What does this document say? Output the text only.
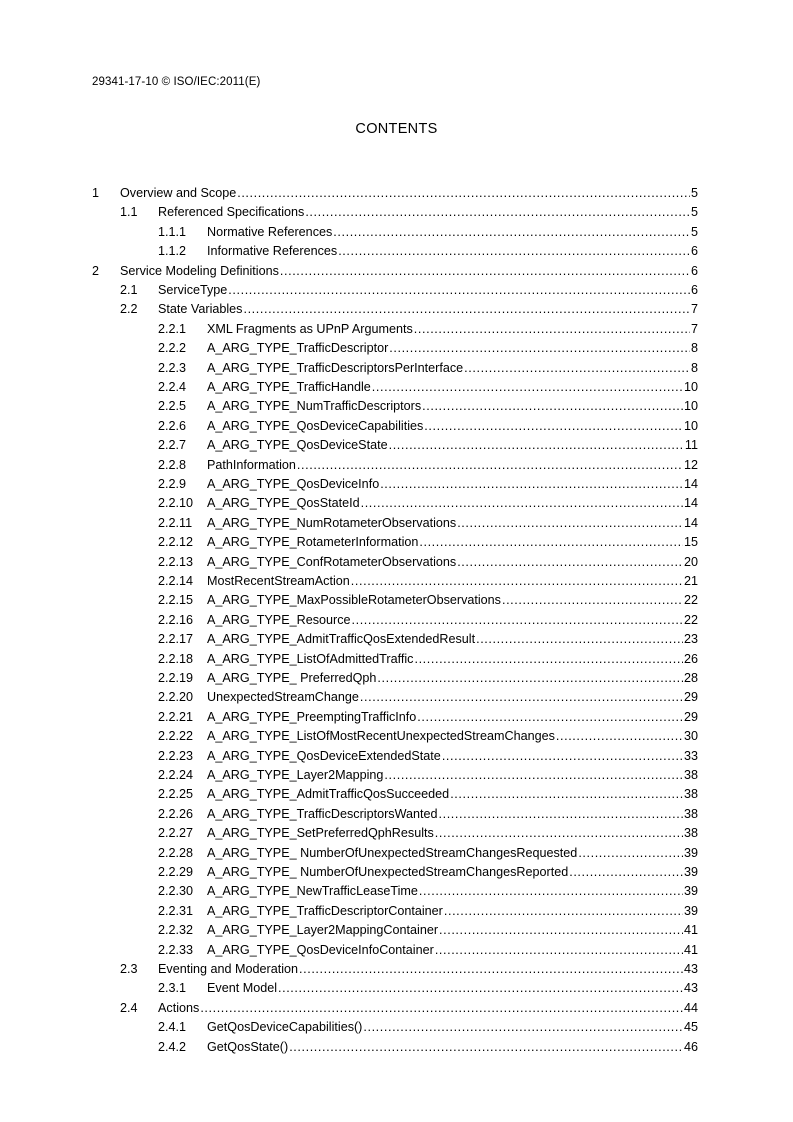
29341-17-10 © ISO/IEC:2011(E)
CONTENTS
1	Overview and Scope .....	5
1.1	Referenced Specifications .....	5
1.1.1	Normative References .....	5
1.1.2	Informative References .....	6
2	Service Modeling Definitions .....	6
2.1	ServiceType .....	6
2.2	State Variables .....	7
2.2.1	XML Fragments as UPnP Arguments .....	7
2.2.2	A_ARG_TYPE_TrafficDescriptor .....	8
2.2.3	A_ARG_TYPE_TrafficDescriptorsPerInterface .....	8
2.2.4	A_ARG_TYPE_TrafficHandle .....	10
2.2.5	A_ARG_TYPE_NumTrafficDescriptors .....	10
2.2.6	A_ARG_TYPE_QosDeviceCapabilities .....	10
2.2.7	A_ARG_TYPE_QosDeviceState .....	11
2.2.8	PathInformation .....	12
2.2.9	A_ARG_TYPE_QosDeviceInfo .....	14
2.2.10	A_ARG_TYPE_QosStateId .....	14
2.2.11	A_ARG_TYPE_NumRotameterObservations .....	14
2.2.12	A_ARG_TYPE_RotameterInformation .....	15
2.2.13	A_ARG_TYPE_ConfRotameterObservations .....	20
2.2.14	MostRecentStreamAction .....	21
2.2.15	A_ARG_TYPE_MaxPossibleRotameterObservations .....	22
2.2.16	A_ARG_TYPE_Resource .....	22
2.2.17	A_ARG_TYPE_AdmitTrafficQosExtendedResult .....	23
2.2.18	A_ARG_TYPE_ListOfAdmittedTraffic .....	26
2.2.19	A_ARG_TYPE_ PreferredQph .....	28
2.2.20	UnexpectedStreamChange .....	29
2.2.21	A_ARG_TYPE_PreemptingTrafficInfo .....	29
2.2.22	A_ARG_TYPE_ListOfMostRecentUnexpectedStreamChanges .....	30
2.2.23	A_ARG_TYPE_QosDeviceExtendedState .....	33
2.2.24	A_ARG_TYPE_Layer2Mapping .....	38
2.2.25	A_ARG_TYPE_AdmitTrafficQosSucceeded .....	38
2.2.26	A_ARG_TYPE_TrafficDescriptorsWanted .....	38
2.2.27	A_ARG_TYPE_SetPreferredQphResults .....	38
2.2.28	A_ARG_TYPE_ NumberOfUnexpectedStreamChangesRequested .....	39
2.2.29	A_ARG_TYPE_ NumberOfUnexpectedStreamChangesReported .....	39
2.2.30	A_ARG_TYPE_NewTrafficLeaseTime .....	39
2.2.31	A_ARG_TYPE_TrafficDescriptorContainer .....	39
2.2.32	A_ARG_TYPE_Layer2MappingContainer .....	41
2.2.33	A_ARG_TYPE_QosDeviceInfoContainer .....	41
2.3	Eventing and Moderation .....	43
2.3.1	Event Model .....	43
2.4	Actions .....	44
2.4.1	GetQosDeviceCapabilities() .....	45
2.4.2	GetQosState() .....	46
